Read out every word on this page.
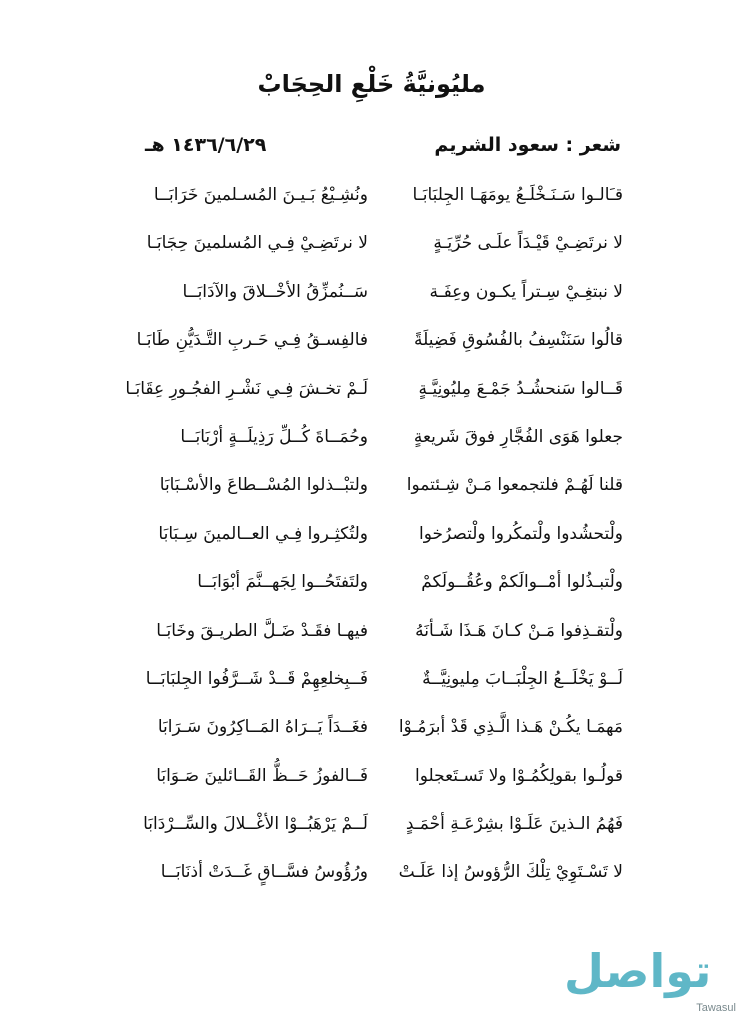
مليُونيَّةُ خَلْعِ الحِجَابْ
شعر : سعود الشريم
١٤٣٦/٦/٢٩ هـ
قـَالـوا سَـنَـخْلَـعُ يومَهَـا الجِلبَابَـا
ونُشِـيْعُ بَـيـنَ المُسـلمينَ خَرَابَــا
لا نرتَضِـيْ قَيْـدَاً علَـى حُرِّيَـةٍ
لا نرتَضِـيْ فِـي المُسلمينَ حِجَابَـا
لا نبتغِـيْ سِـتراً يكـون وعِفَـة
سَــنُمزِّقُ الأخْــلاقَ والآدَابَــا
قالُوا سَنَنْسِفُ بالفُسُوقِ فَضِيلَةً
فالفِسـقُ فِـي حَـربِ التَّـدَيُّنِ طَابَـا
قَــالوا سَنحشُـدُ جَمْـعَ مِليُونِيَّـةٍ
لَـمْ تخـشَ فِـي نَشْـرِ الفجُـورِ عِقَابَـا
جعلوا هَوَى الفُجَّارِ فوقَ شَريعةٍ
وحُمَــاةَ كُــلِّ رَذِيلَــةٍ أرْبَابَــا
قلنا لَهُـمْ فلتجمعوا مَـنْ شِـئتموا
ولتبْــذلوا المُسْــطاعَ والأسْـبَابَا
ولْتحشُدوا ولْتمكُروا ولْتصرُخوا
ولتُكثِـروا فِـي العــالمينَ سِـبَابَا
ولْتبـذُلوا أمْــوالَكمْ وعُقُــولَكمْ
ولتَفتَحُــوا لِجَهــنَّمَ أبْوَابَــا
ولْتقـذِفوا مَـنْ كـانَ هَـذَا شَـأنَهُ
فيهـا فقَـدْ ضَـلَّ الطريـقَ وخَابَـا
لَــوْ يَخْلَــعُ الجِلْبَــابَ مِليونِيَّــةٌ
فَــبِخلعِهِمْ قَــدْ شَــرَّفُوا الجِلبَابَــا
مَهمَـا يكُـنْ هَـذا الَّـذِي قَدْ أبرَمُـوْا
فغَــدَاً يَــرَاهُ المَــاكِرُونَ سَـرَابَا
قولُـوا بقولِكُمُـوْا ولا تَسـتَعجلوا
فَــالفوزُ حَــظُّ القَــائلينَ صَـوَابَا
فَهُمُ الـذينَ عَلَـوْا بشِرْعَـةِ أحْمَـدٍ
لَــمْ يَرْهَبُــوْا الأغْــلالَ والسِّــرْدَابَا
لا تَسْـتَوِيْ تِلْكَ الرُّؤوسُ إذا عَلَـتْ
ورُؤُوسُ فسَّــاقٍ غَــدَتْ أذنَابَــا
تواصل
Tawasul
